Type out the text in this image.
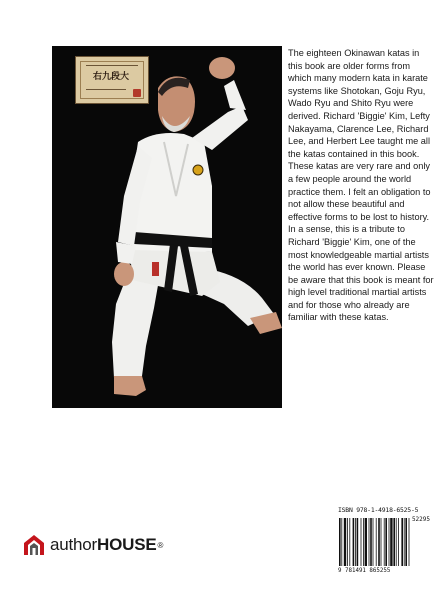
右九段大

The eighteen Okinawan katas in this book are older forms from which many modern kata in karate systems like Shotokan, Goju Ryu, Wado Ryu and Shito Ryu were derived. Richard 'Biggie' Kim, Lefty Nakayama, Clarence Lee, Richard Lee, and Herbert Lee taught me all the katas contained in this book. These katas are very rare and only a few people around the world practice them. I felt an obligation to not allow these beautiful and effective forms to be lost to history. In a sense, this is a tribute to Richard 'Biggie' Kim, one of the most knowledgeable martial artists the world has ever known. Please be aware that this book is meant for high level traditional martial artists and for those who already are familiar with these katas.

author HOUSE ®
ISBN 978-1-4918-6525-5
52295
9 781491 865255
